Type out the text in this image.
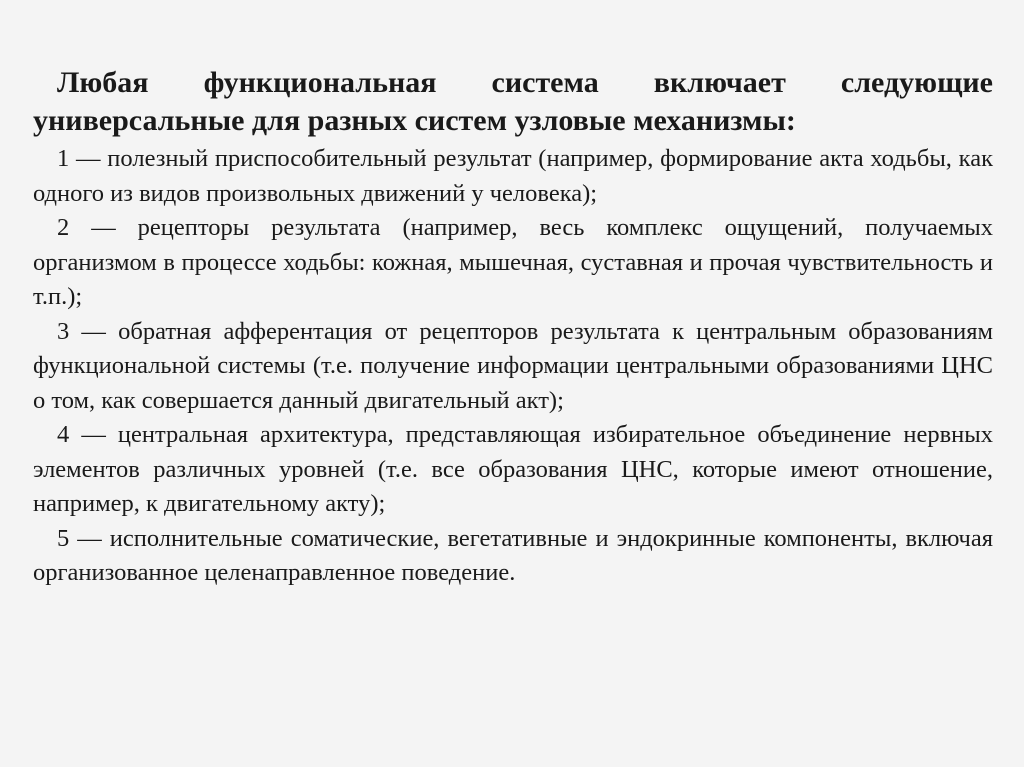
Любая функциональная система включает следующие универсальные для разных систем узловые механизмы:

1 — полезный приспособительный результат (например, формирование акта ходьбы, как одного из видов произвольных движений у человека);

2 — рецепторы результата (например, весь комплекс ощущений, получаемых организмом в процессе ходьбы: кожная, мышечная, суставная и прочая чувствительность и т.п.);

3 — обратная афферентация от рецепторов результата к центральным образованиям функциональной системы (т.е. получение информации центральными образованиями ЦНС о том, как совершается данный двигательный акт);

4 — центральная архитектура, представляющая избирательное объединение нервных элементов различных уровней (т.е. все образования ЦНС, которые имеют отношение, например, к двигательному акту);

5 — исполнительные соматические, вегетативные и эндокринные компоненты, включая организованное целенаправленное поведение.
